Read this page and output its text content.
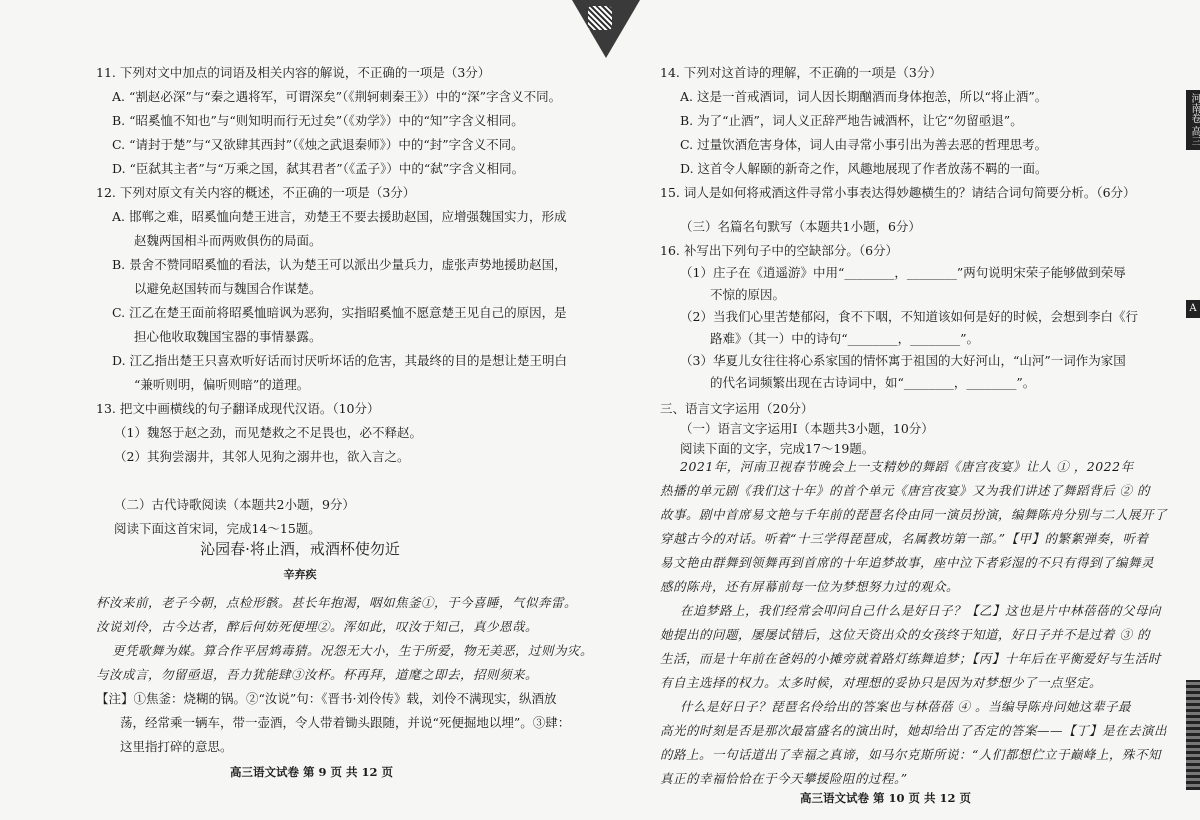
11. 下列对文中加点的词语及相关内容的解说，不正确的一项是（3分）
A. “割赵必深”与“秦之遇将军，可谓深矣”（《荆轲刺秦王》）中的“深”字含义不同。
B. “昭奚恤不知也”与“则知明而行无过矣”（《劝学》）中的“知”字含义相同。
C. “请封于楚”与“又欲肆其西封”（《烛之武退秦师》）中的“封”字含义不同。
D. “臣弑其主者”与“万乘之国，弑其君者”（《孟子》）中的“弑”字含义相同。
12. 下列对原文有关内容的概述，不正确的一项是（3分）
A. 邯郸之难，昭奚恤向楚王进言，劝楚王不要去援助赵国，应增强魏国实力，形成
赵魏两国相斗而两败俱伤的局面。
B. 景舍不赞同昭奚恤的看法，认为楚王可以派出少量兵力，虚张声势地援助赵国，
以避免赵国转而与魏国合作谋楚。
C. 江乙在楚王面前将昭奚恤暗讽为恶狗，实指昭奚恤不愿意楚王见自己的原因，是
担心他收取魏国宝器的事情暴露。
D. 江乙指出楚王只喜欢听好话而讨厌听坏话的危害，其最终的目的是想让楚王明白
“兼听则明，偏听则暗”的道理。
13. 把文中画横线的句子翻译成现代汉语。（10分）
（1）魏怒于赵之劲，而见楚救之不足畏也，必不释赵。
（2）其狗尝溺井，其邻人见狗之溺井也，欲入言之。
（二）古代诗歌阅读（本题共2小题，9分）
阅读下面这首宋词，完成14～15题。
沁园春·将止酒，戒酒杯使勿近
辛弃疾
杯汝来前，老子今朝，点检形骸。甚长年抱渴，咽如焦釜①，于今喜睡，气似奔雷。
汝说刘伶，古今达者，醉后何妨死便埋②。浑如此，叹汝于知己，真少恩哉。
更凭歌舞为媒。算合作平居鸩毒猜。况怨无大小，生于所爱，物无美恶，过则为灾。
与汝成言，勿留亟退，吾力犹能肆③汝杯。杯再拜，道麾之即去，招则须来。
【注】①焦釜：烧糊的锅。②“汝说”句：《晋书·刘伶传》载，刘伶不满现实，纵酒放
荡，经常乘一辆车，带一壶酒，令人带着锄头跟随，并说“死便掘地以埋”。③肆：
这里指打碎的意思。
高三语文试卷 第 9 页 共 12 页
14. 下列对这首诗的理解，不正确的一项是（3分）
A. 这是一首戒酒词，词人因长期酗酒而身体抱恙，所以“将止酒”。
B. 为了“止酒”，词人义正辞严地告诫酒杯，让它“勿留亟退”。
C. 过量饮酒危害身体，词人由寻常小事引出为善去恶的哲理思考。
D. 这首令人解颐的新奇之作，风趣地展现了作者放荡不羁的一面。
15. 词人是如何将戒酒这件寻常小事表达得妙趣横生的？请结合词句简要分析。（6分）
（三）名篇名句默写（本题共1小题，6分）
16. 补写出下列句子中的空缺部分。（6分）
（1）庄子在《逍遥游》中用“________，________”两句说明宋荣子能够做到荣辱
不惊的原因。
（2）当我们心里苦楚郁闷，食不下咽，不知道该如何是好的时候，会想到李白《行
路难》（其一）中的诗句“________，________”。
（3）华夏儿女往往将心系家国的情怀寓于祖国的大好河山，“山河”一词作为家国
的代名词频繁出现在古诗词中，如“________，________”。
三、语言文字运用（20分）
（一）语言文字运用Ⅰ（本题共3小题，10分）
阅读下面的文字，完成17～19题。
2021年，河南卫视春节晚会上一支精妙的舞蹈《唐宫夜宴》让人 ① ，2022年
热播的单元剧《我们这十年》的首个单元《唐宫夜宴》又为我们讲述了舞蹈背后 ② 的
故事。剧中首席易文艳与千年前的琵琶名伶由同一演员扮演，编舞陈舟分别与二人展开了
穿越古今的对话。听着“十三学得琵琶成，名属教坊第一部。”【甲】的繁絮弹奏，听着
易文艳由群舞到领舞再到首席的十年追梦故事，座中泣下者彩湿的不只有得到了编舞灵
感的陈舟，还有屏幕前每一位为梦想努力过的观众。
在追梦路上，我们经常会叩问自己什么是好日子？【乙】这也是片中林蓓蓓的父母向
她提出的问题，屡屡试错后，这位天资出众的女孩终于知道，好日子并不是过着 ③ 的
生活，而是十年前在爸妈的小摊旁就着路灯练舞追梦；【丙】十年后在平衡爱好与生活时
有自主选择的权力。太多时候，对理想的妥协只是因为对梦想少了一点坚定。
什么是好日子？琵琶名伶给出的答案也与林蓓蓓 ④ 。当编导陈舟问她这辈子最
高光的时刻是否是那次最富盛名的演出时，她却给出了否定的答案——【丁】是在去演出
的路上。一句话道出了幸福之真谛，如马尔克斯所说：“人们都想伫立于巅峰上，殊不知
真正的幸福恰恰在于今天攀援险阻的过程。”
高三语文试卷 第 10 页 共 12 页
河南卷 高三
A
